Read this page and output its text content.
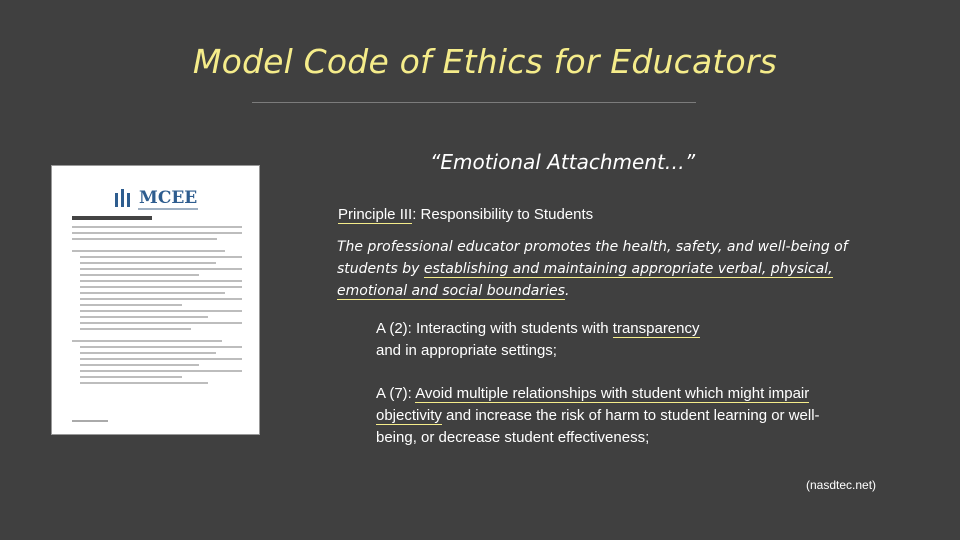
Model Code of Ethics for Educators
“Emotional Attachment…”
MCEE
Principle III: Responsibility to Students
The professional educator promotes the health, safety, and well-being of students by establishing and maintaining appropriate verbal, physical, emotional and social boundaries.
A (2): Interacting with students with transparency
and in appropriate settings;
A (7): Avoid multiple relationships with student which might impair objectivity and increase the risk of harm to student learning or well-being, or decrease student effectiveness;
(nasdtec.net)
